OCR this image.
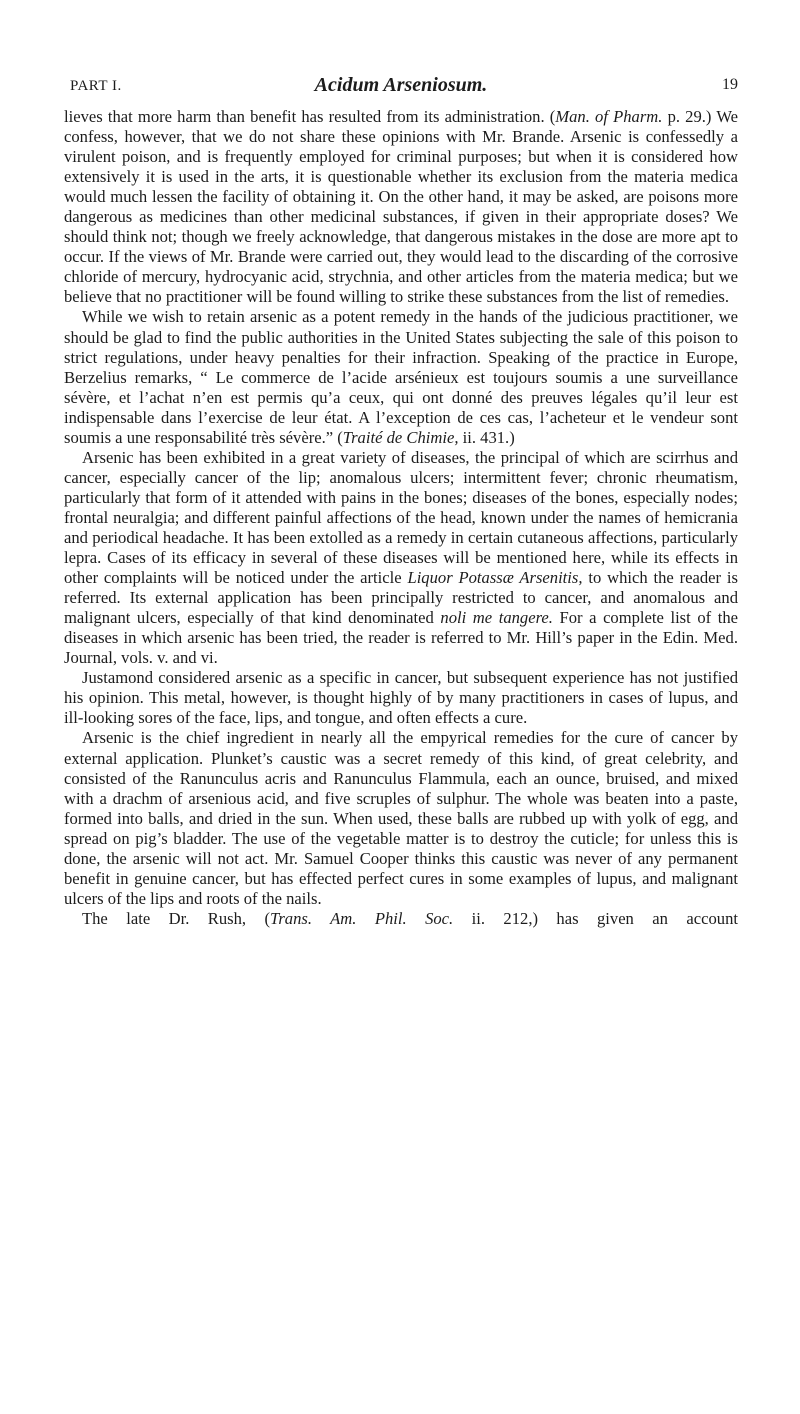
PART I.	Acidum Arseniosum.	19

lieves that more harm than benefit has resulted from its administration. (Man. of Pharm. p. 29.) We confess, however, that we do not share these opinions with Mr. Brande. Arsenic is confessedly a virulent poison, and is frequently employed for criminal purposes; but when it is considered how extensively it is used in the arts, it is questionable whether its exclusion from the materia medica would much lessen the facility of obtaining it. On the other hand, it may be asked, are poisons more dangerous as medicines than other medicinal substances, if given in their appropriate doses? We should think not; though we freely acknowledge, that dangerous mistakes in the dose are more apt to occur. If the views of Mr. Brande were carried out, they would lead to the discarding of the corrosive chloride of mercury, hydrocyanic acid, strychnia, and other articles from the materia medica; but we believe that no practitioner will be found willing to strike these substances from the list of remedies.

While we wish to retain arsenic as a potent remedy in the hands of the judicious practitioner, we should be glad to find the public authorities in the United States subjecting the sale of this poison to strict regulations, under heavy penalties for their infraction. Speaking of the practice in Europe, Berzelius remarks, “ Le commerce de l’acide arsénieux est toujours soumis a une surveillance sévère, et l’achat n’en est permis qu’a ceux, qui ont donné des preuves légales qu’il leur est indispensable dans l’exercise de leur état. A l’exception de ces cas, l’acheteur et le vendeur sont soumis a une responsabilité très sévère.” (Traité de Chimie, ii. 431.)

Arsenic has been exhibited in a great variety of diseases, the principal of which are scirrhus and cancer, especially cancer of the lip; anomalous ulcers; intermittent fever; chronic rheumatism, particularly that form of it attended with pains in the bones; diseases of the bones, especially nodes; frontal neuralgia; and different painful affections of the head, known under the names of hemicrania and periodical headache. It has been extolled as a remedy in certain cutaneous affections, particularly lepra. Cases of its efficacy in several of these diseases will be mentioned here, while its effects in other complaints will be noticed under the article Liquor Potassæ Arsenitis, to which the reader is referred. Its external application has been principally restricted to cancer, and anomalous and malignant ulcers, especially of that kind denominated noli me tangere. For a complete list of the diseases in which arsenic has been tried, the reader is referred to Mr. Hill’s paper in the Edin. Med. Journal, vols. v. and vi.

Justamond considered arsenic as a specific in cancer, but subsequent experience has not justified his opinion. This metal, however, is thought highly of by many practitioners in cases of lupus, and ill-looking sores of the face, lips, and tongue, and often effects a cure.

Arsenic is the chief ingredient in nearly all the empyrical remedies for the cure of cancer by external application. Plunket’s caustic was a secret remedy of this kind, of great celebrity, and consisted of the Ranunculus acris and Ranunculus Flammula, each an ounce, bruised, and mixed with a drachm of arsenious acid, and five scruples of sulphur. The whole was beaten into a paste, formed into balls, and dried in the sun. When used, these balls are rubbed up with yolk of egg, and spread on pig’s bladder. The use of the vegetable matter is to destroy the cuticle; for unless this is done, the arsenic will not act. Mr. Samuel Cooper thinks this caustic was never of any permanent benefit in genuine cancer, but has effected perfect cures in some examples of lupus, and malignant ulcers of the lips and roots of the nails.

The late Dr. Rush, (Trans. Am. Phil. Soc. ii. 212,) has given an account
